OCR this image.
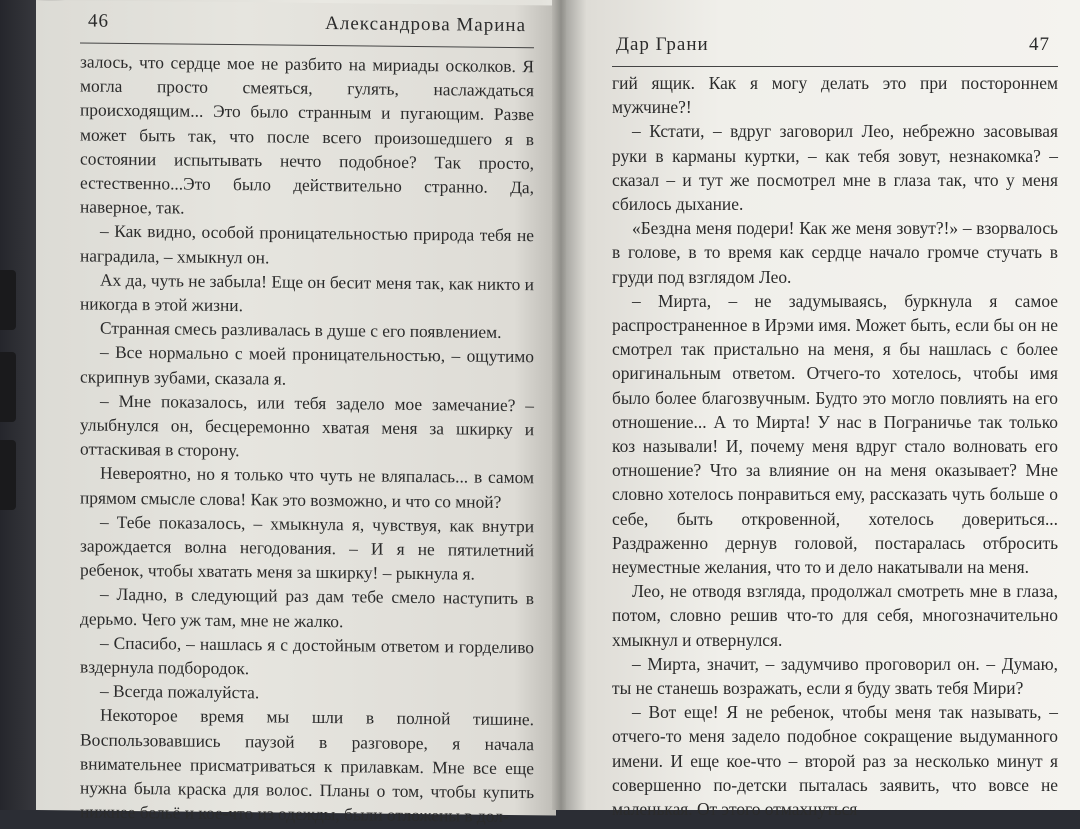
46	Александрова Марина

залось, что сердце мое не разбито на мириады осколков. Я могла просто смеяться, гулять, наслаждаться происходящим... Это было странным и пугающим. Разве может быть так, что после всего произошедшего я в состоянии испытывать нечто подобное? Так просто, естественно...Это было действительно странно. Да, наверное, так.

– Как видно, особой проницательностью природа тебя не наградила, – хмыкнул он.

Ах да, чуть не забыла! Еще он бесит меня так, как никто и никогда в этой жизни.

Странная смесь разливалась в душе с его появлением.

– Все нормально с моей проницательностью, – ощутимо скрипнув зубами, сказала я.

– Мне показалось, или тебя задело мое замечание? – улыбнулся он, бесцеремонно хватая меня за шкирку и оттаскивая в сторону.

Невероятно, но я только что чуть не вляпалась... в самом прямом смысле слова! Как это возможно, и что со мной?

– Тебе показалось, – хмыкнула я, чувствуя, как внутри зарождается волна негодования. – И я не пятилетний ребенок, чтобы хватать меня за шкирку! – рыкнула я.

– Ладно, в следующий раз дам тебе смело наступить в дерьмо. Чего уж там, мне не жалко.

– Спасибо, – нашлась я с достойным ответом и горделиво вздернула подбородок.

– Всегда пожалуйста.

Некоторое время мы шли в полной тишине. Воспользовавшись паузой в разговоре, я начала внимательнее присматриваться к прилавкам. Мне все еще нужна была краска для волос. Планы о том, чтобы купить нижнее бельё и кое-что из одежды, были отложены в дол-

Дар Грани	47

гий ящик. Как я могу делать это при постороннем мужчине?!

– Кстати, – вдруг заговорил Лео, небрежно засовывая руки в карманы куртки, – как тебя зовут, незнакомка? – сказал – и тут же посмотрел мне в глаза так, что у меня сбилось дыхание.

«Бездна меня подери! Как же меня зовут?!» – взорвалось в голове, в то время как сердце начало громче стучать в груди под взглядом Лео.

– Мирта, – не задумываясь, буркнула я самое распространенное в Ирэми имя. Может быть, если бы он не смотрел так пристально на меня, я бы нашлась с более оригинальным ответом. Отчего-то хотелось, чтобы имя было более благозвучным. Будто это могло повлиять на его отношение... А то Мирта! У нас в Пограничье так только коз называли! И, почему меня вдруг стало волновать его отношение? Что за влияние он на меня оказывает? Мне словно хотелось понравиться ему, рассказать чуть больше о себе, быть откровенной, хотелось довериться... Раздраженно дернув головой, постаралась отбросить неуместные желания, что то и дело накатывали на меня.

Лео, не отводя взгляда, продолжал смотреть мне в глаза, потом, словно решив что-то для себя, многозначительно хмыкнул и отвернулся.

– Мирта, значит, – задумчиво проговорил он. – Думаю, ты не станешь возражать, если я буду звать тебя Мири?

– Вот еще! Я не ребенок, чтобы меня так называть, – отчего-то меня задело подобное сокращение выдуманного имени. И еще кое-что – второй раз за несколько минут я совершенно по-детски пыталась заявить, что вовсе не маленькая. От этого отмахнуться
